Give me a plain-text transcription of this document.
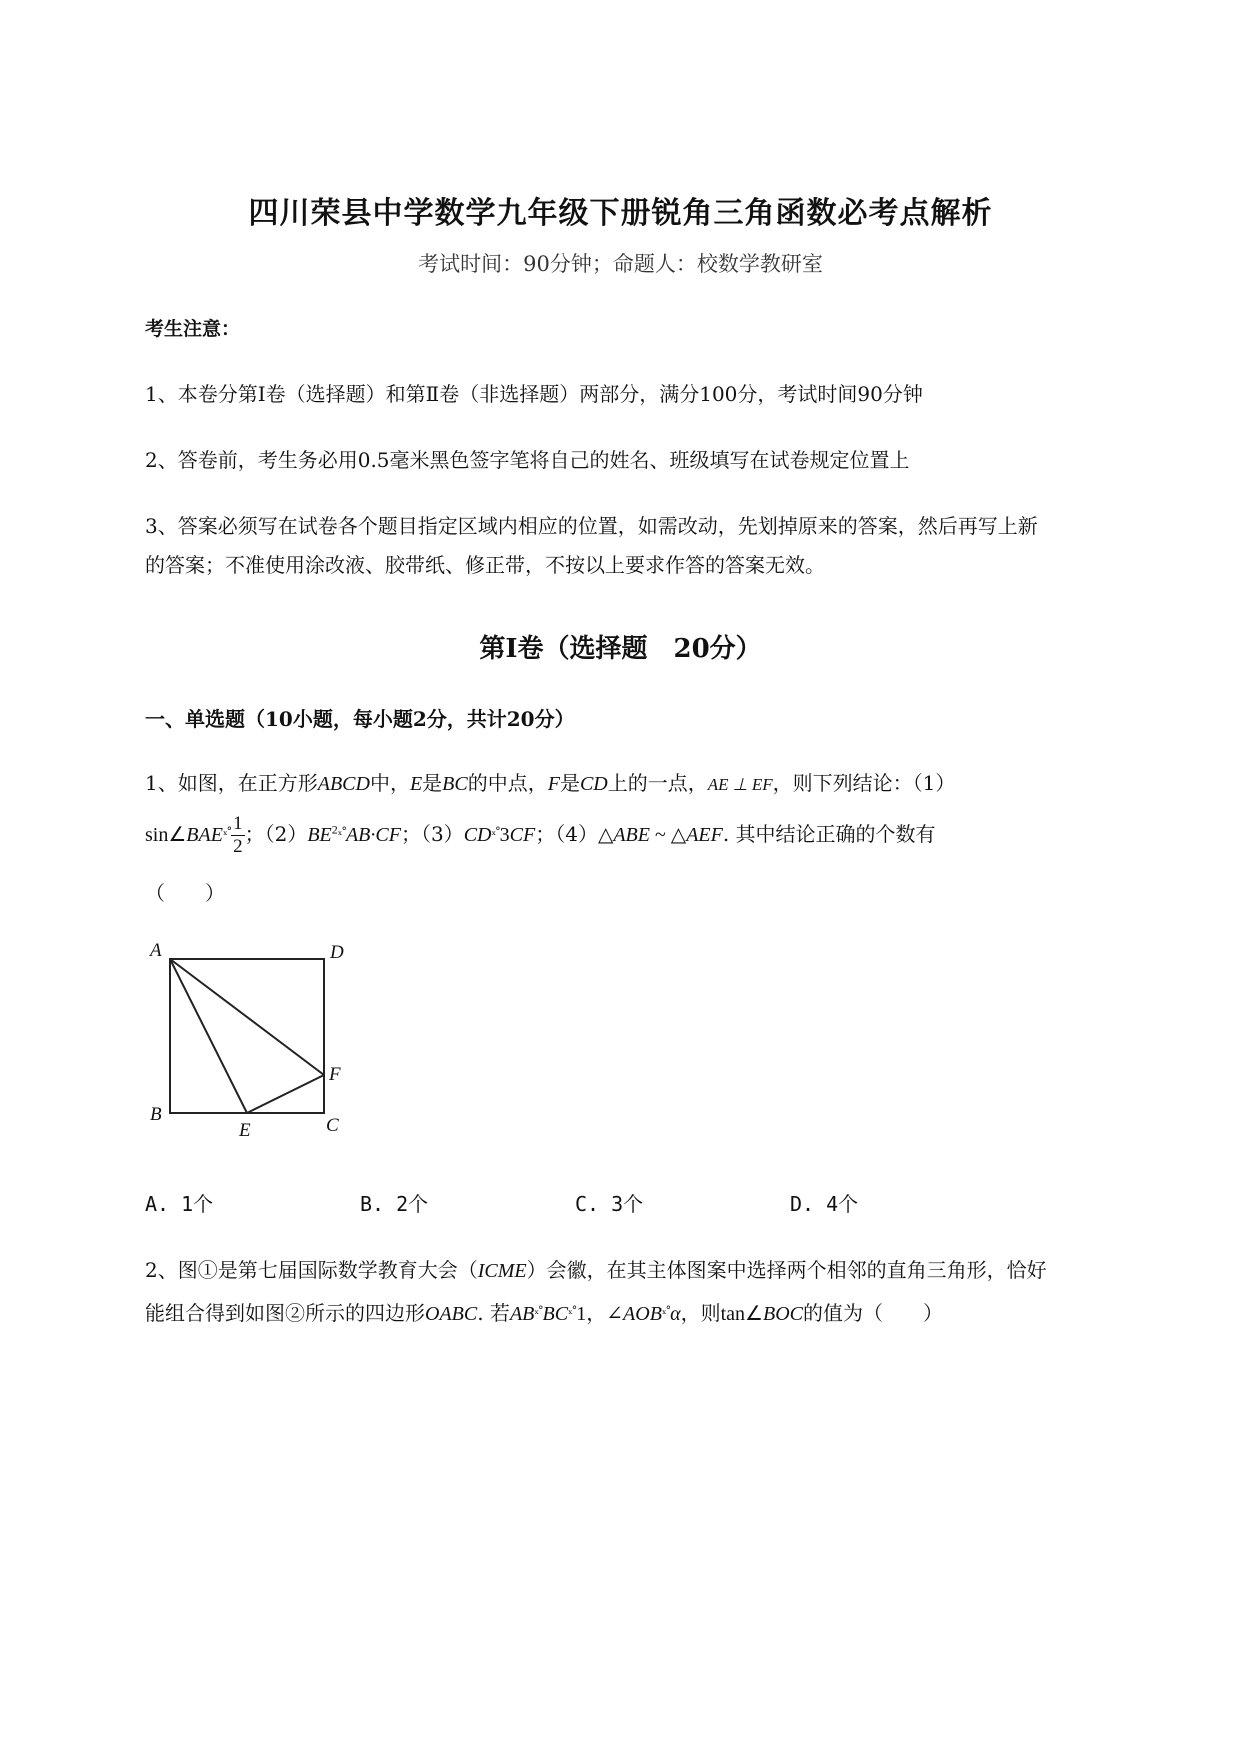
四川荣县中学数学九年级下册锐角三角函数必考点解析
考试时间：90分钟；命题人：校数学教研室
考生注意：
1、本卷分第I卷（选择题）和第Ⅱ卷（非选择题）两部分，满分100分，考试时间90分钟
2、答卷前，考生务必用0.5毫米黑色签字笔将自己的姓名、班级填写在试卷规定位置上
3、答案必须写在试卷各个题目指定区域内相应的位置，如需改动，先划掉原来的答案，然后再写上新
的答案；不准使用涂改液、胶带纸、修正带，不按以上要求作答的答案无效。
第I卷（选择题　20分）
一、单选题（10小题，每小题2分，共计20分）
1、如图，在正方形ABCD中，E是BC的中点，F是CD上的一点，AE ⊥ EF，则下列结论：（1）
$\sin\angle BAE^{_x^\circ} \frac{1}{2}$ ；$(2)BE^{2_x^\circ}AB\cdot CF$；$(3)CD^{_x^\circ}3CF$；（4）△ABE ~ △AEF. 其中结论正确的个数有
（　　）
A	D
B
C
E
F
A. 1个	B. 2个	C. 3个	D. 4个
2、图①是第七届国际数学教育大会（ICME）会徽，在其主体图案中选择两个相邻的直角三角形，恰好
能组合得到如图②所示的四边形OABC. 若$AB^{_x^\circ}BC^{_x^\circ}1$，$\angle AOB^{_x^\circ}\alpha$，则tan∠BOC的值为（　　）
